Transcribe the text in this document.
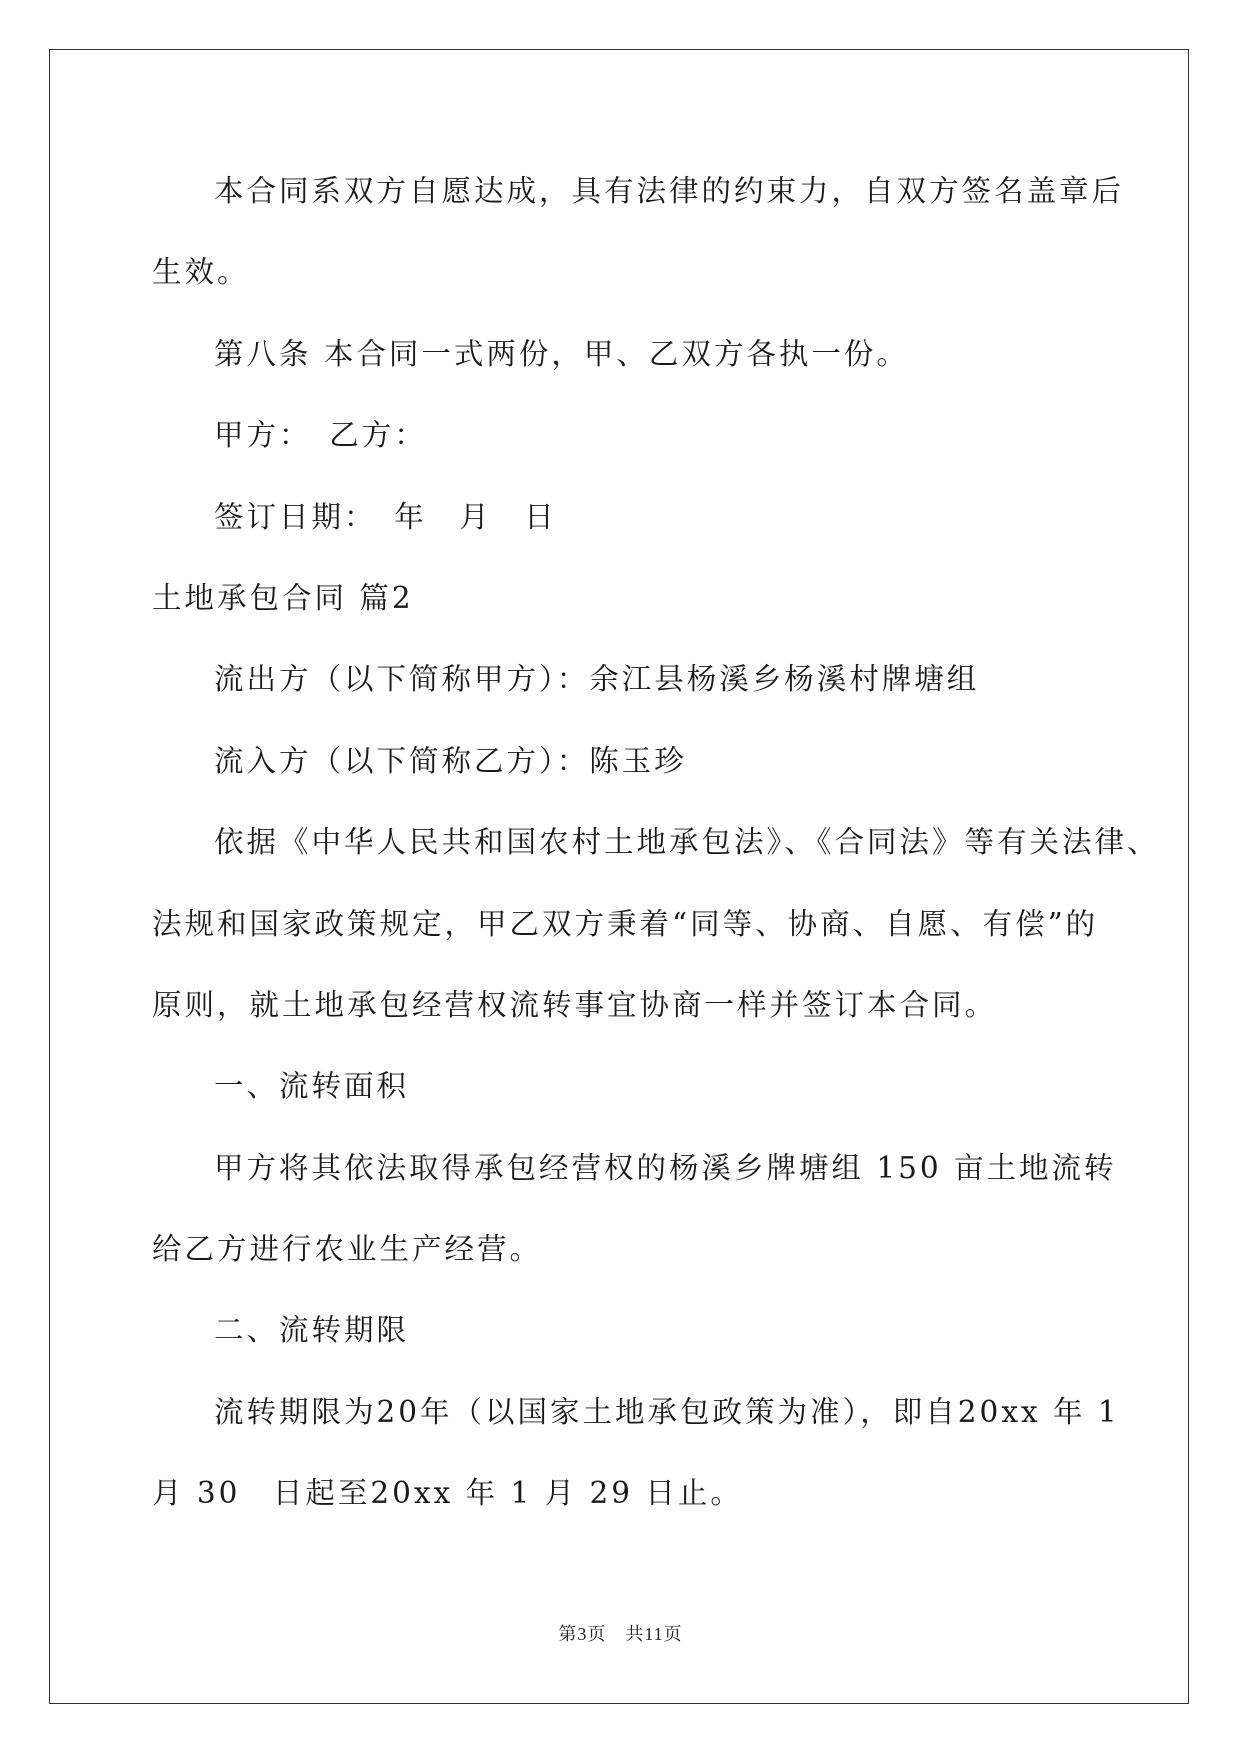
本合同系双方自愿达成，具有法律的约束力，自双方签名盖章后

生效。

第八条 本合同一式两份，甲、乙双方各执一份。

甲方：　乙方：

签订日期：　年　月　日

土地承包合同 篇2

流出方（以下简称甲方）：余江县杨溪乡杨溪村牌塘组

流入方（以下简称乙方）：陈玉珍

依据《中华人民共和国农村土地承包法》、《合同法》等有关法律、

法规和国家政策规定，甲乙双方秉着“同等、协商、自愿、有偿”的

原则，就土地承包经营权流转事宜协商一样并签订本合同。

一、流转面积

甲方将其依法取得承包经营权的杨溪乡牌塘组 150 亩土地流转

给乙方进行农业生产经营。

二、流转期限

流转期限为20年（以国家土地承包政策为准），即自20xx 年 1

月 30　日起至20xx 年 1 月 29 日止。

第3页　共11页
